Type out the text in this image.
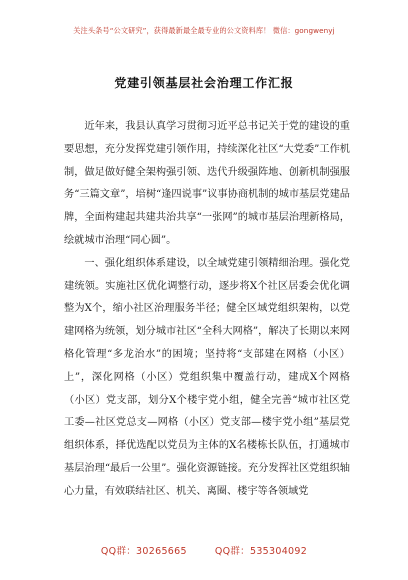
关注头条号“公文研究”，获得最新最全最专业的公文资料库！ 微信：gongwenyj
党建引领基层社会治理工作汇报

近年来，我县认真学习贯彻习近平总书记关于党的建设的重要思想，充分发挥党建引领作用，持续深化社区“大党委”工作机制，做足做好健全架构强引领、迭代升级强阵地、创新机制强服务“三篇文章”，培树“逢四说事”议事协商机制的城市基层党建品牌，全面构建起共建共治共享“一张网”的城市基层治理新格局，绘就城市治理“同心圆”。

一、强化组织体系建设，以全域党建引领精细治理。强化党建统领。实施社区优化调整行动，逐步将X个社区居委会优化调整为X个，缩小社区治理服务半径；健全区域党组织架构，以党建网格为统领，划分城市社区“全科大网格”，解决了长期以来网格化管理“多龙治水”的困境；坚持将“支部建在网格（小区）上”，深化网格（小区）党组织集中覆盖行动，建成X个网格（小区）党支部，划分X个楼宇党小组，健全完善“城市社区党工委—社区党总支—网格（小区）党支部—楼宇党小组”基层党组织体系，择优选配以党员为主体的X名楼栋长队伍，打通城市基层治理“最后一公里”。强化资源链接。充分发挥社区党组织轴心力量，有效联结社区、机关、离圈、楼宇等各领域党

QQ群：30265665	QQ群：535304092
